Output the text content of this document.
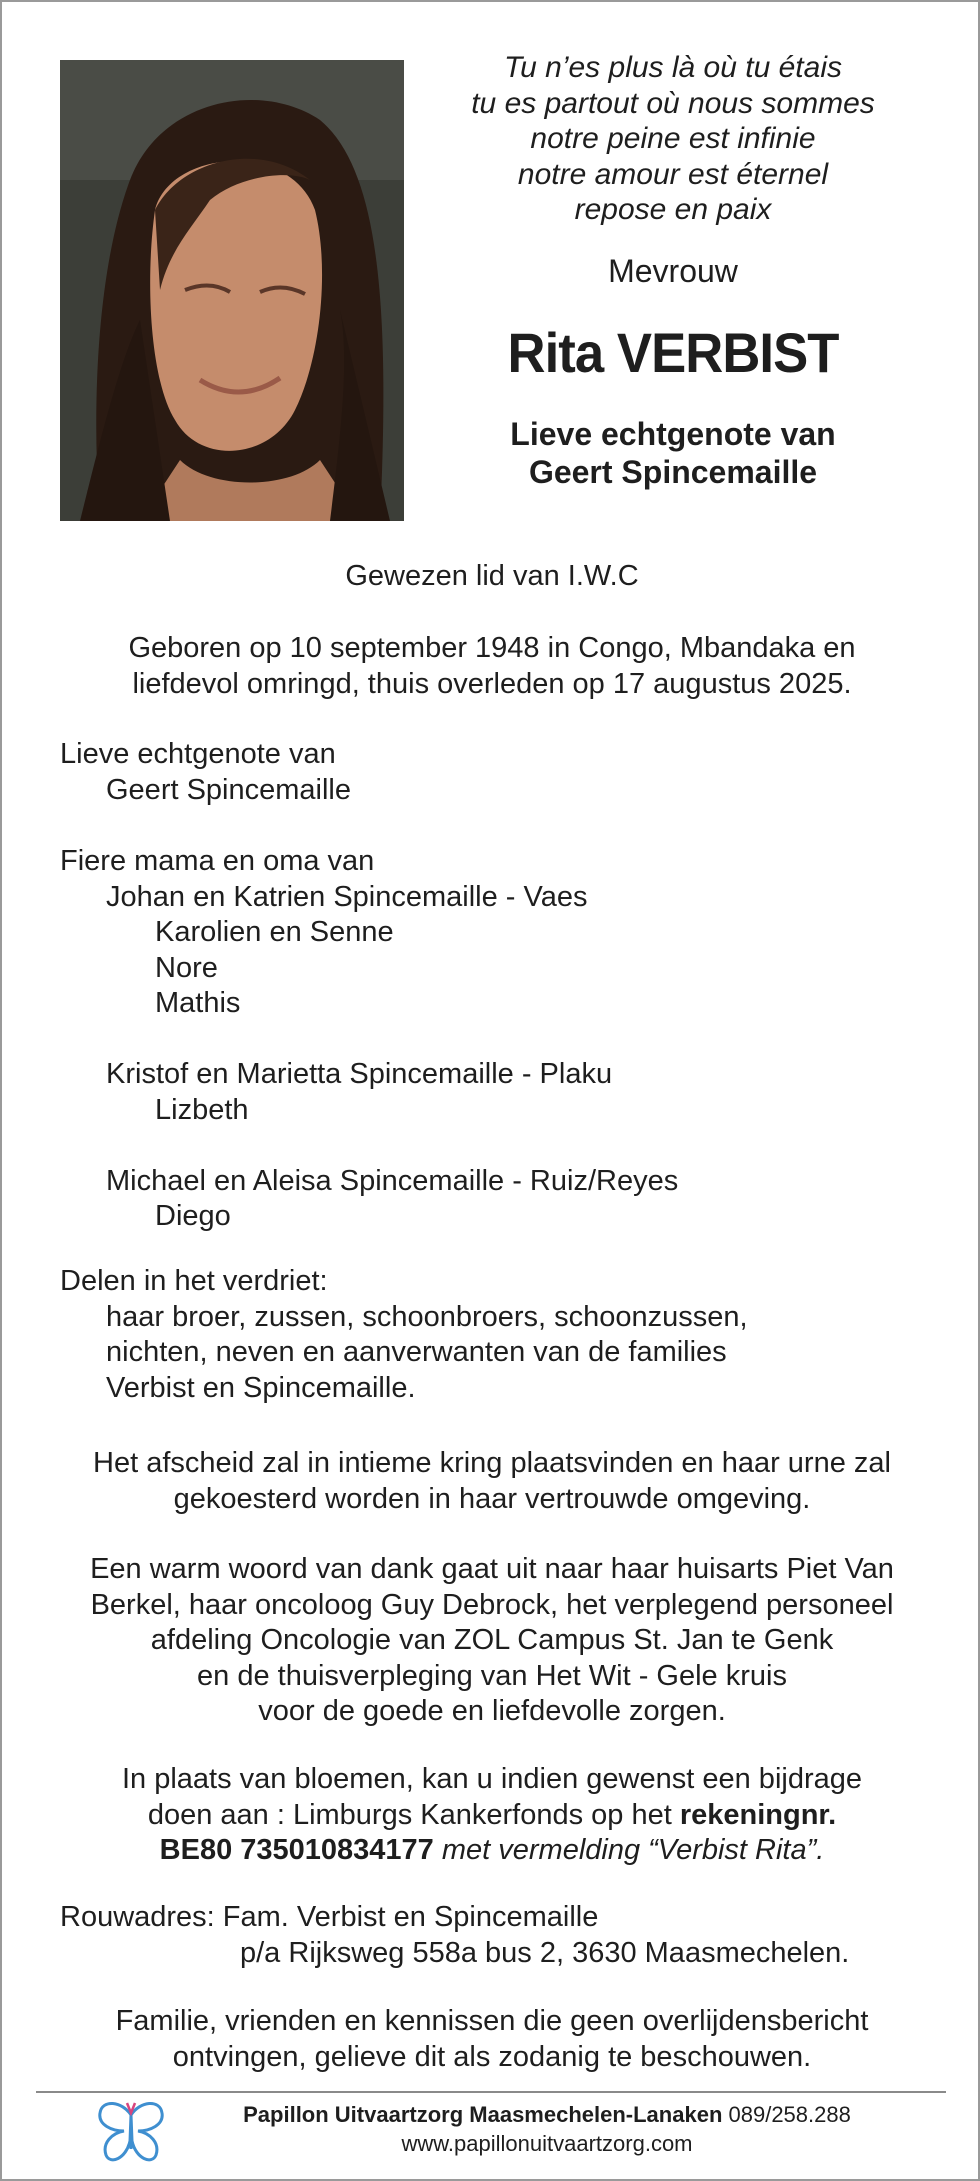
Tu n’es plus là où tu étais
tu es partout où nous sommes
notre peine est infinie
notre amour est éternel
repose en paix
Mevrouw
Rita VERBIST
Lieve echtgenote van
Geert Spincemaille
Gewezen lid van I.W.C
Geboren op 10 september 1948 in Congo, Mbandaka en
liefdevol omringd, thuis overleden op 17 augustus 2025.
Lieve echtgenote van
Geert Spincemaille
Fiere mama en oma van
Johan en Katrien Spincemaille - Vaes
Karolien en Senne
Nore
Mathis
Kristof en Marietta Spincemaille - Plaku
Lizbeth
Michael en Aleisa Spincemaille - Ruiz/Reyes
Diego
Delen in het verdriet:
haar broer, zussen, schoonbroers, schoonzussen,
nichten, neven en aanverwanten van de families
Verbist en Spincemaille.
Het afscheid zal in intieme kring plaatsvinden en haar urne zal
gekoesterd worden in haar vertrouwde omgeving.
Een warm woord van dank gaat uit naar haar huisarts Piet Van
Berkel, haar oncoloog Guy Debrock, het verplegend personeel
afdeling Oncologie van ZOL Campus St. Jan te Genk
en de thuisverpleging van Het Wit - Gele kruis
voor de goede en liefdevolle zorgen.
In plaats van bloemen, kan u indien gewenst een bijdrage
doen aan : Limburgs Kankerfonds op het rekeningnr.
BE80 735010834177 met vermelding “Verbist Rita”.
Rouwadres: Fam. Verbist en Spincemaille
p/a Rijksweg 558a bus 2, 3630 Maasmechelen.
Familie, vrienden en kennissen die geen overlijdensbericht
ontvingen, gelieve dit als zodanig te beschouwen.
Papillon Uitvaartzorg Maasmechelen-Lanaken 089/258.288
www.papillonuitvaartzorg.com
